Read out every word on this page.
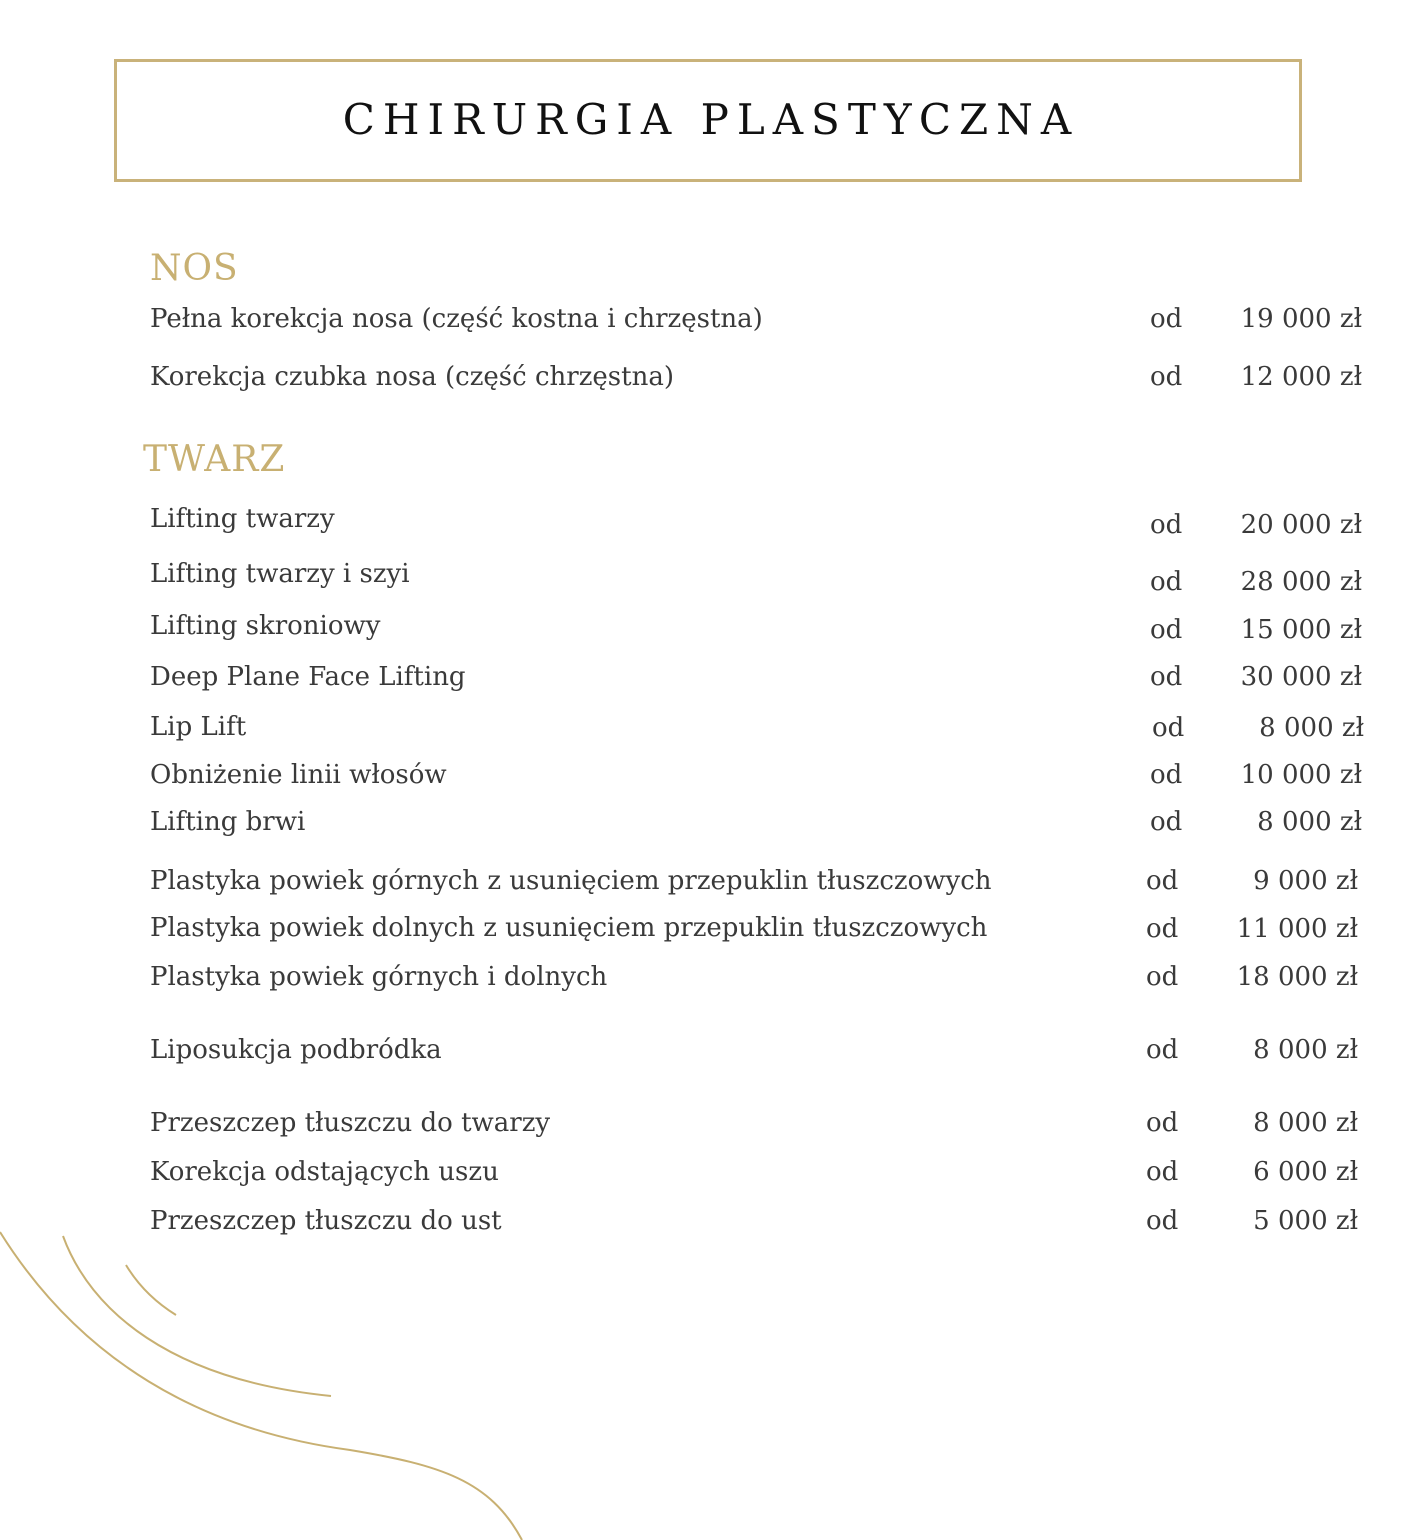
CHIRURGIA PLASTYCZNA
NOS
Pełna korekcja nosa (część kostna i chrzęstna)	od 19 000 zł
Korekcja czubka nosa (część chrzęstna)	od 12 000 zł
TWARZ
Lifting twarzy	od 20 000 zł
Lifting twarzy i szyi	od 28 000 zł
Lifting skroniowy	od 15 000 zł
Deep Plane Face Lifting	od 30 000 zł
Lip Lift	od	8 000 zł
Obniżenie linii włosów	od 10 000 zł
Lifting brwi	od	8 000 zł
Plastyka powiek górnych z usunięciem przepuklin tłuszczowych	od	9 000 zł
Plastyka powiek dolnych z usunięciem przepuklin tłuszczowych	od 11 000 zł
Plastyka powiek górnych i dolnych	od 18 000 zł
Liposukcja podbródka	od	8 000 zł
Przeszczep tłuszczu do twarzy	od	8 000 zł
Korekcja odstających uszu	od	6 000 zł
Przeszczep tłuszczu do ust	od	5 000 zł
